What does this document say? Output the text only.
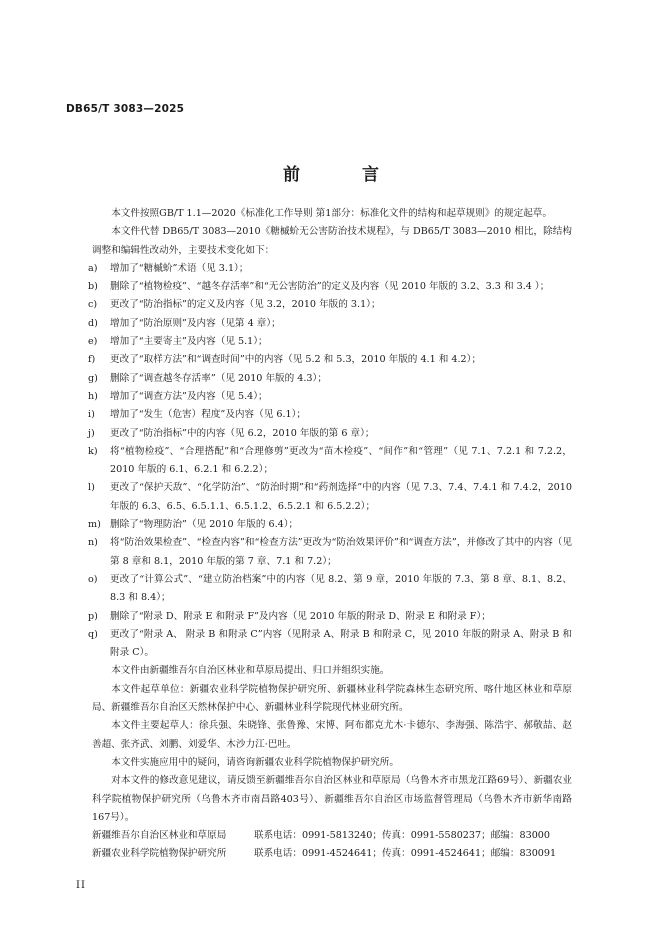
DB65/T 3083—2025
前 言

本文件按照GB/T 1.1—2020《标准化工作导则 第1部分：标准化文件的结构和起草规则》的规定起草。

本文件代替 DB65/T 3083—2010《糖槭蚧无公害防治技术规程》，与 DB65/T 3083—2010 相比，除结构调整和编辑性改动外，主要技术变化如下：

a)	增加了“糖槭蚧”术语（见 3.1）；
b)	删除了“植物检疫”、“越冬存活率”和“无公害防治”的定义及内容（见 2010 年版的 3.2、3.3 和 3.4 ）；
c)	更改了“防治指标”的定义及内容（见 3.2，2010 年版的 3.1）；
d)	增加了“防治原则”及内容（见第 4 章）；
e)	增加了“主要寄主”及内容（见 5.1）；
f)	更改了“取样方法”和“调查时间”中的内容（见 5.2 和 5.3，2010 年版的 4.1 和 4.2）；
g)	删除了“调查越冬存活率”（见 2010 年版的 4.3）；
h)	增加了“调查方法”及内容（见 5.4）；
i)	增加了“发生（危害）程度”及内容（见 6.1）；
j)	更改了“防治指标”中的内容（见 6.2，2010 年版的第 6 章）；
k)	将“植物检疫”、“合理搭配”和“合理修剪”更改为“苗木检疫”、“间作”和“管理”（见 7.1、7.2.1 和 7.2.2，2010 年版的 6.1、6.2.1 和 6.2.2）；
l)	更改了“保护天敌”、“化学防治”、“防治时期”和“药剂选择”中的内容（见 7.3、7.4、7.4.1 和 7.4.2，2010 年版的 6.3、6.5、6.5.1.1、6.5.1.2、6.5.2.1 和 6.5.2.2）；
m) 删除了“物理防治”（见 2010 年版的 6.4）；
n)	将“防治效果检查”、“检查内容”和“检查方法”更改为“防治效果评价”和“调查方法”，并修改了其中的内容（见第 8 章和 8.1，2010 年版的第 7 章、7.1 和 7.2）；
o)	更改了“计算公式”、“建立防治档案”中的内容（见 8.2、第 9 章，2010 年版的 7.3、第 8 章、8.1、8.2、8.3 和 8.4）；
p)	删除了“附录 D、附录 E 和附录 F”及内容（见 2010 年版的附录 D、附录 E 和附录 F）；
q)	更改了“附录 A、 附录 B 和附录 C”内容（见附录 A、附录 B 和附录 C，见 2010 年版的附录 A、附录 B 和附录 C）。

本文件由新疆维吾尔自治区林业和草原局提出、归口并组织实施。

本文件起草单位：新疆农业科学院植物保护研究所、新疆林业科学院森林生态研究所、喀什地区林业和草原局、新疆维吾尔自治区天然林保护中心、新疆林业科学院现代林业研究所。

本文件主要起草人：徐兵强、朱晓锋、张鲁豫、宋博、阿布都克尤木·卡德尔、李海强、陈浩宇、郝敬喆、赵善超、张齐武、刘鹏、刘爱华、木沙力江·巴吐。

本文件实施应用中的疑问，请咨询新疆农业科学院植物保护研究所。

对本文件的修改意见建议，请反馈至新疆维吾尔自治区林业和草原局（乌鲁木齐市黑龙江路69号）、新疆农业科学院植物保护研究所（乌鲁木齐市南昌路403号）、新疆维吾尔自治区市场监督管理局（乌鲁木齐市新华南路167号）。

新疆维吾尔自治区林业和草原局	联系电话：0991-5813240；传真：0991-5580237；邮编：83000
新疆农业科学院植物保护研究所	联系电话：0991-4524641；传真：0991-4524641；邮编：830091
II
